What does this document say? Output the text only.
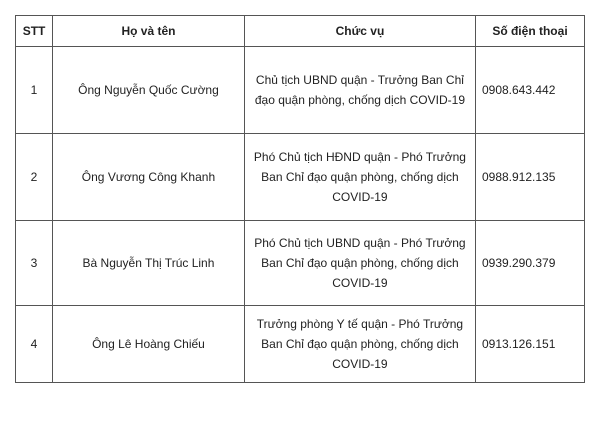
STT	Họ và tên	Chức vụ	Số điện thoại
1	Ông Nguyễn Quốc Cường	Chủ tịch UBND quận - Trưởng Ban Chỉ đạo quận phòng, chống dịch COVID-19	0908.643.442
2	Ông Vương Công Khanh	Phó Chủ tịch HĐND quận - Phó Trưởng Ban Chỉ đạo quận phòng, chống dịch COVID-19	0988.912.135
3	Bà Nguyễn Thị Trúc Linh	Phó Chủ tịch UBND quận - Phó Trưởng Ban Chỉ đạo quận phòng, chống dịch COVID-19	0939.290.379
4	Ông Lê Hoàng Chiếu	Trưởng phòng Y tế quận - Phó Trưởng Ban Chỉ đạo quận phòng, chống dịch COVID-19	0913.126.151
